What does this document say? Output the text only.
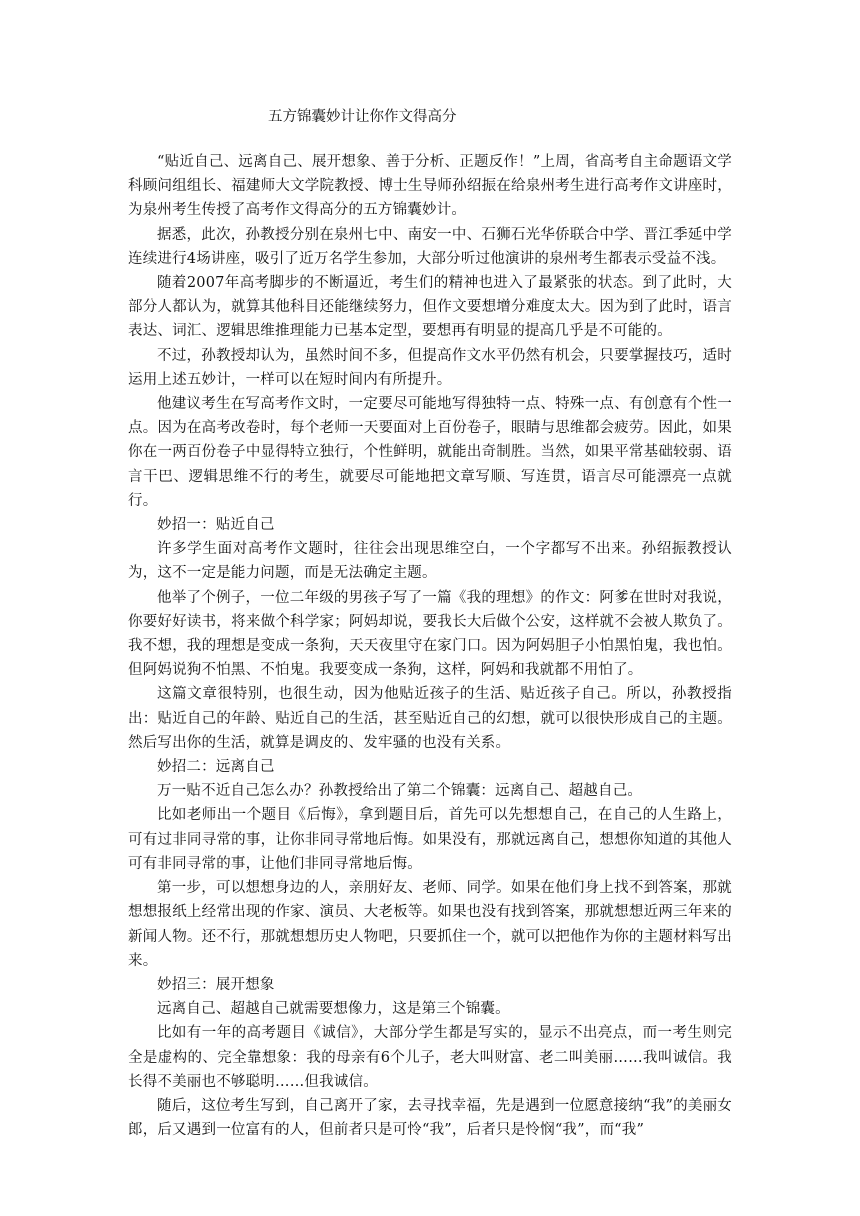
五方锦囊妙计让你作文得高分

“贴近自己、远离自己、展开想象、善于分析、正题反作！”上周，省高考自主命题语文学科顾问组组长、福建师大文学院教授、博士生导师孙绍振在给泉州考生进行高考作文讲座时，为泉州考生传授了高考作文得高分的五方锦囊妙计。

据悉，此次，孙教授分别在泉州七中、南安一中、石狮石光华侨联合中学、晋江季延中学连续进行4场讲座，吸引了近万名学生参加，大部分听过他演讲的泉州考生都表示受益不浅。

随着2007年高考脚步的不断逼近，考生们的精神也进入了最紧张的状态。到了此时，大部分人都认为，就算其他科目还能继续努力，但作文要想增分难度太大。因为到了此时，语言表达、词汇、逻辑思维推理能力已基本定型，要想再有明显的提高几乎是不可能的。

不过，孙教授却认为，虽然时间不多，但提高作文水平仍然有机会，只要掌握技巧，适时运用上述五妙计，一样可以在短时间内有所提升。

他建议考生在写高考作文时，一定要尽可能地写得独特一点、特殊一点、有创意有个性一点。因为在高考改卷时，每个老师一天要面对上百份卷子，眼睛与思维都会疲劳。因此，如果你在一两百份卷子中显得特立独行，个性鲜明，就能出奇制胜。当然，如果平常基础较弱、语言干巴、逻辑思维不行的考生，就要尽可能地把文章写顺、写连贯，语言尽可能漂亮一点就行。

妙招一：贴近自己

许多学生面对高考作文题时，往往会出现思维空白，一个字都写不出来。孙绍振教授认为，这不一定是能力问题，而是无法确定主题。

他举了个例子，一位二年级的男孩子写了一篇《我的理想》的作文：阿爹在世时对我说，你要好好读书，将来做个科学家；阿妈却说，要我长大后做个公安，这样就不会被人欺负了。我不想，我的理想是变成一条狗，天天夜里守在家门口。因为阿妈胆子小怕黑怕鬼，我也怕。但阿妈说狗不怕黑、不怕鬼。我要变成一条狗，这样，阿妈和我就都不用怕了。

这篇文章很特别，也很生动，因为他贴近孩子的生活、贴近孩子自己。所以，孙教授指出：贴近自己的年龄、贴近自己的生活，甚至贴近自己的幻想，就可以很快形成自己的主题。然后写出你的生活，就算是调皮的、发牢骚的也没有关系。

妙招二：远离自己

万一贴不近自己怎么办？孙教授给出了第二个锦囊：远离自己、超越自己。

比如老师出一个题目《后悔》，拿到题目后，首先可以先想想自己，在自己的人生路上，可有过非同寻常的事，让你非同寻常地后悔。如果没有，那就远离自己，想想你知道的其他人可有非同寻常的事，让他们非同寻常地后悔。

第一步，可以想想身边的人，亲朋好友、老师、同学。如果在他们身上找不到答案，那就想想报纸上经常出现的作家、演员、大老板等。如果也没有找到答案，那就想想近两三年来的新闻人物。还不行，那就想想历史人物吧，只要抓住一个，就可以把他作为你的主题材料写出来。

妙招三：展开想象

远离自己、超越自己就需要想像力，这是第三个锦囊。

比如有一年的高考题目《诚信》，大部分学生都是写实的，显示不出亮点，而一考生则完全是虚构的、完全靠想象：我的母亲有6个儿子，老大叫财富、老二叫美丽……我叫诚信。我长得不美丽也不够聪明……但我诚信。

随后，这位考生写到，自己离开了家，去寻找幸福，先是遇到一位愿意接纳“我”的美丽女郎，后又遇到一位富有的人，但前者只是可怜“我”，后者只是怜悯“我”，而“我”
